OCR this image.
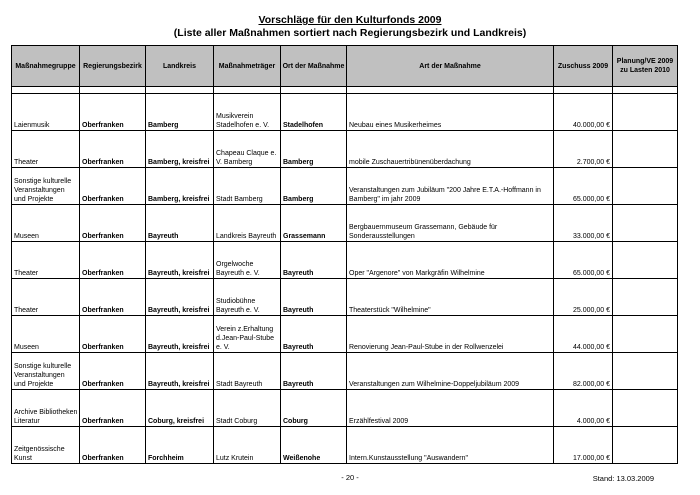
Vorschläge für den Kulturfonds 2009
(Liste aller Maßnahmen sortiert nach Regierungsbezirk und Landkreis)
Maßnahmegruppe	Regierungsbezirk	Landkreis	Maßnahmeträger	Ort der Maßnahme	Art der Maßnahme	Zuschuss 2009	Planung/VE 2009 zu Lasten 2010

Laienmusik	Oberfranken	Bamberg	Musikverein Stadelhofen e. V.	Stadelhofen	Neubau eines Musikerheimes	40.000,00 €	
Theater	Oberfranken	Bamberg, kreisfrei	Chapeau Claque e. V. Bamberg	Bamberg	mobile Zuschauertribünenüberdachung	2.700,00 €	
Sonstige kulturelle Veranstaltungen und Projekte	Oberfranken	Bamberg, kreisfrei	Stadt Bamberg	Bamberg	Veranstaltungen zum Jubiläum "200 Jahre E.T.A.-Hoffmann in Bamberg" im jahr 2009	65.000,00 €	
Museen	Oberfranken	Bayreuth	Landkreis Bayreuth	Grassemann	Bergbauernmuseum Grassemann, Gebäude für Sonderausstellungen	33.000,00 €	
Theater	Oberfranken	Bayreuth, kreisfrei	Orgelwoche Bayreuth e. V.	Bayreuth	Oper "Argenore" von Markgräfin Wilhelmine	65.000,00 €	
Theater	Oberfranken	Bayreuth, kreisfrei	Studiobühne Bayreuth e. V.	Bayreuth	Theaterstück "Wilhelmine"	25.000,00 €	
Museen	Oberfranken	Bayreuth, kreisfrei	Verein z.Erhaltung d.Jean-Paul-Stube e. V.	Bayreuth	Renovierung Jean-Paul-Stube in der Rollwenzelei	44.000,00 €	
Sonstige kulturelle Veranstaltungen und Projekte	Oberfranken	Bayreuth, kreisfrei	Stadt Bayreuth	Bayreuth	Veranstaltungen zum Wilhelmine-Doppeljubiläum 2009	82.000,00 €	
Archive Bibliotheken Literatur	Oberfranken	Coburg, kreisfrei	Stadt Coburg	Coburg	Erzählfestival 2009	4.000,00 €	
Zeitgenössische Kunst	Oberfranken	Forchheim	Lutz Krutein	Weißenohe	Intern.Kunstausstellung "Auswandern"	17.000,00 €	
- 20 -	Stand: 13.03.2009
